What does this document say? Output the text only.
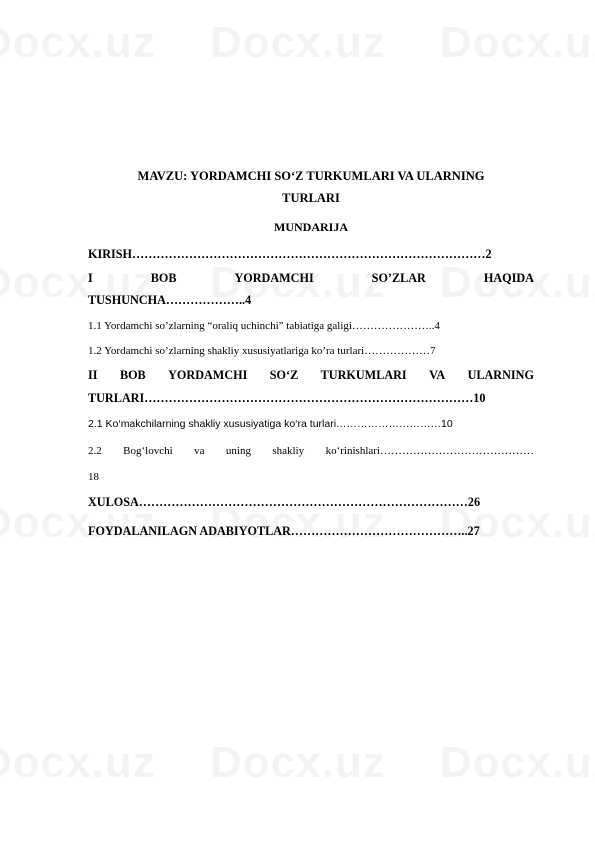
MAVZU: YORDAMCHI SO‘Z TURKUMLARI VA ULARNING
TURLARI
MUNDARIJA
KIRISH……………………………………………………………………………2
I	BOB	YORDAMCHI	SO’ZLAR	HAQIDA
TUSHUNCHA………………..4
1.1 Yordamchi so’zlarning “oraliq uchinchi” tabiatiga galigi…………………..4
1.2 Yordamchi so’zlarning shakliy xususiyatlariga ko’ra turlari………………7
II BOB YORDAMCHI SO‘Z TURKUMLARI VA ULARNING
TURLARI………………………………………………………………………10
2.1 Ko‘makchilarning shakliy xususiyatiga ko‘ra turlari…………………………10
2.2 Bog‘lovchi va uning shakliy ko‘rinishlari……………………………………
18
XULOSA………………………………………………………………………26
FOYDALANILAGN ADABIYOTLAR……………………………………..27
